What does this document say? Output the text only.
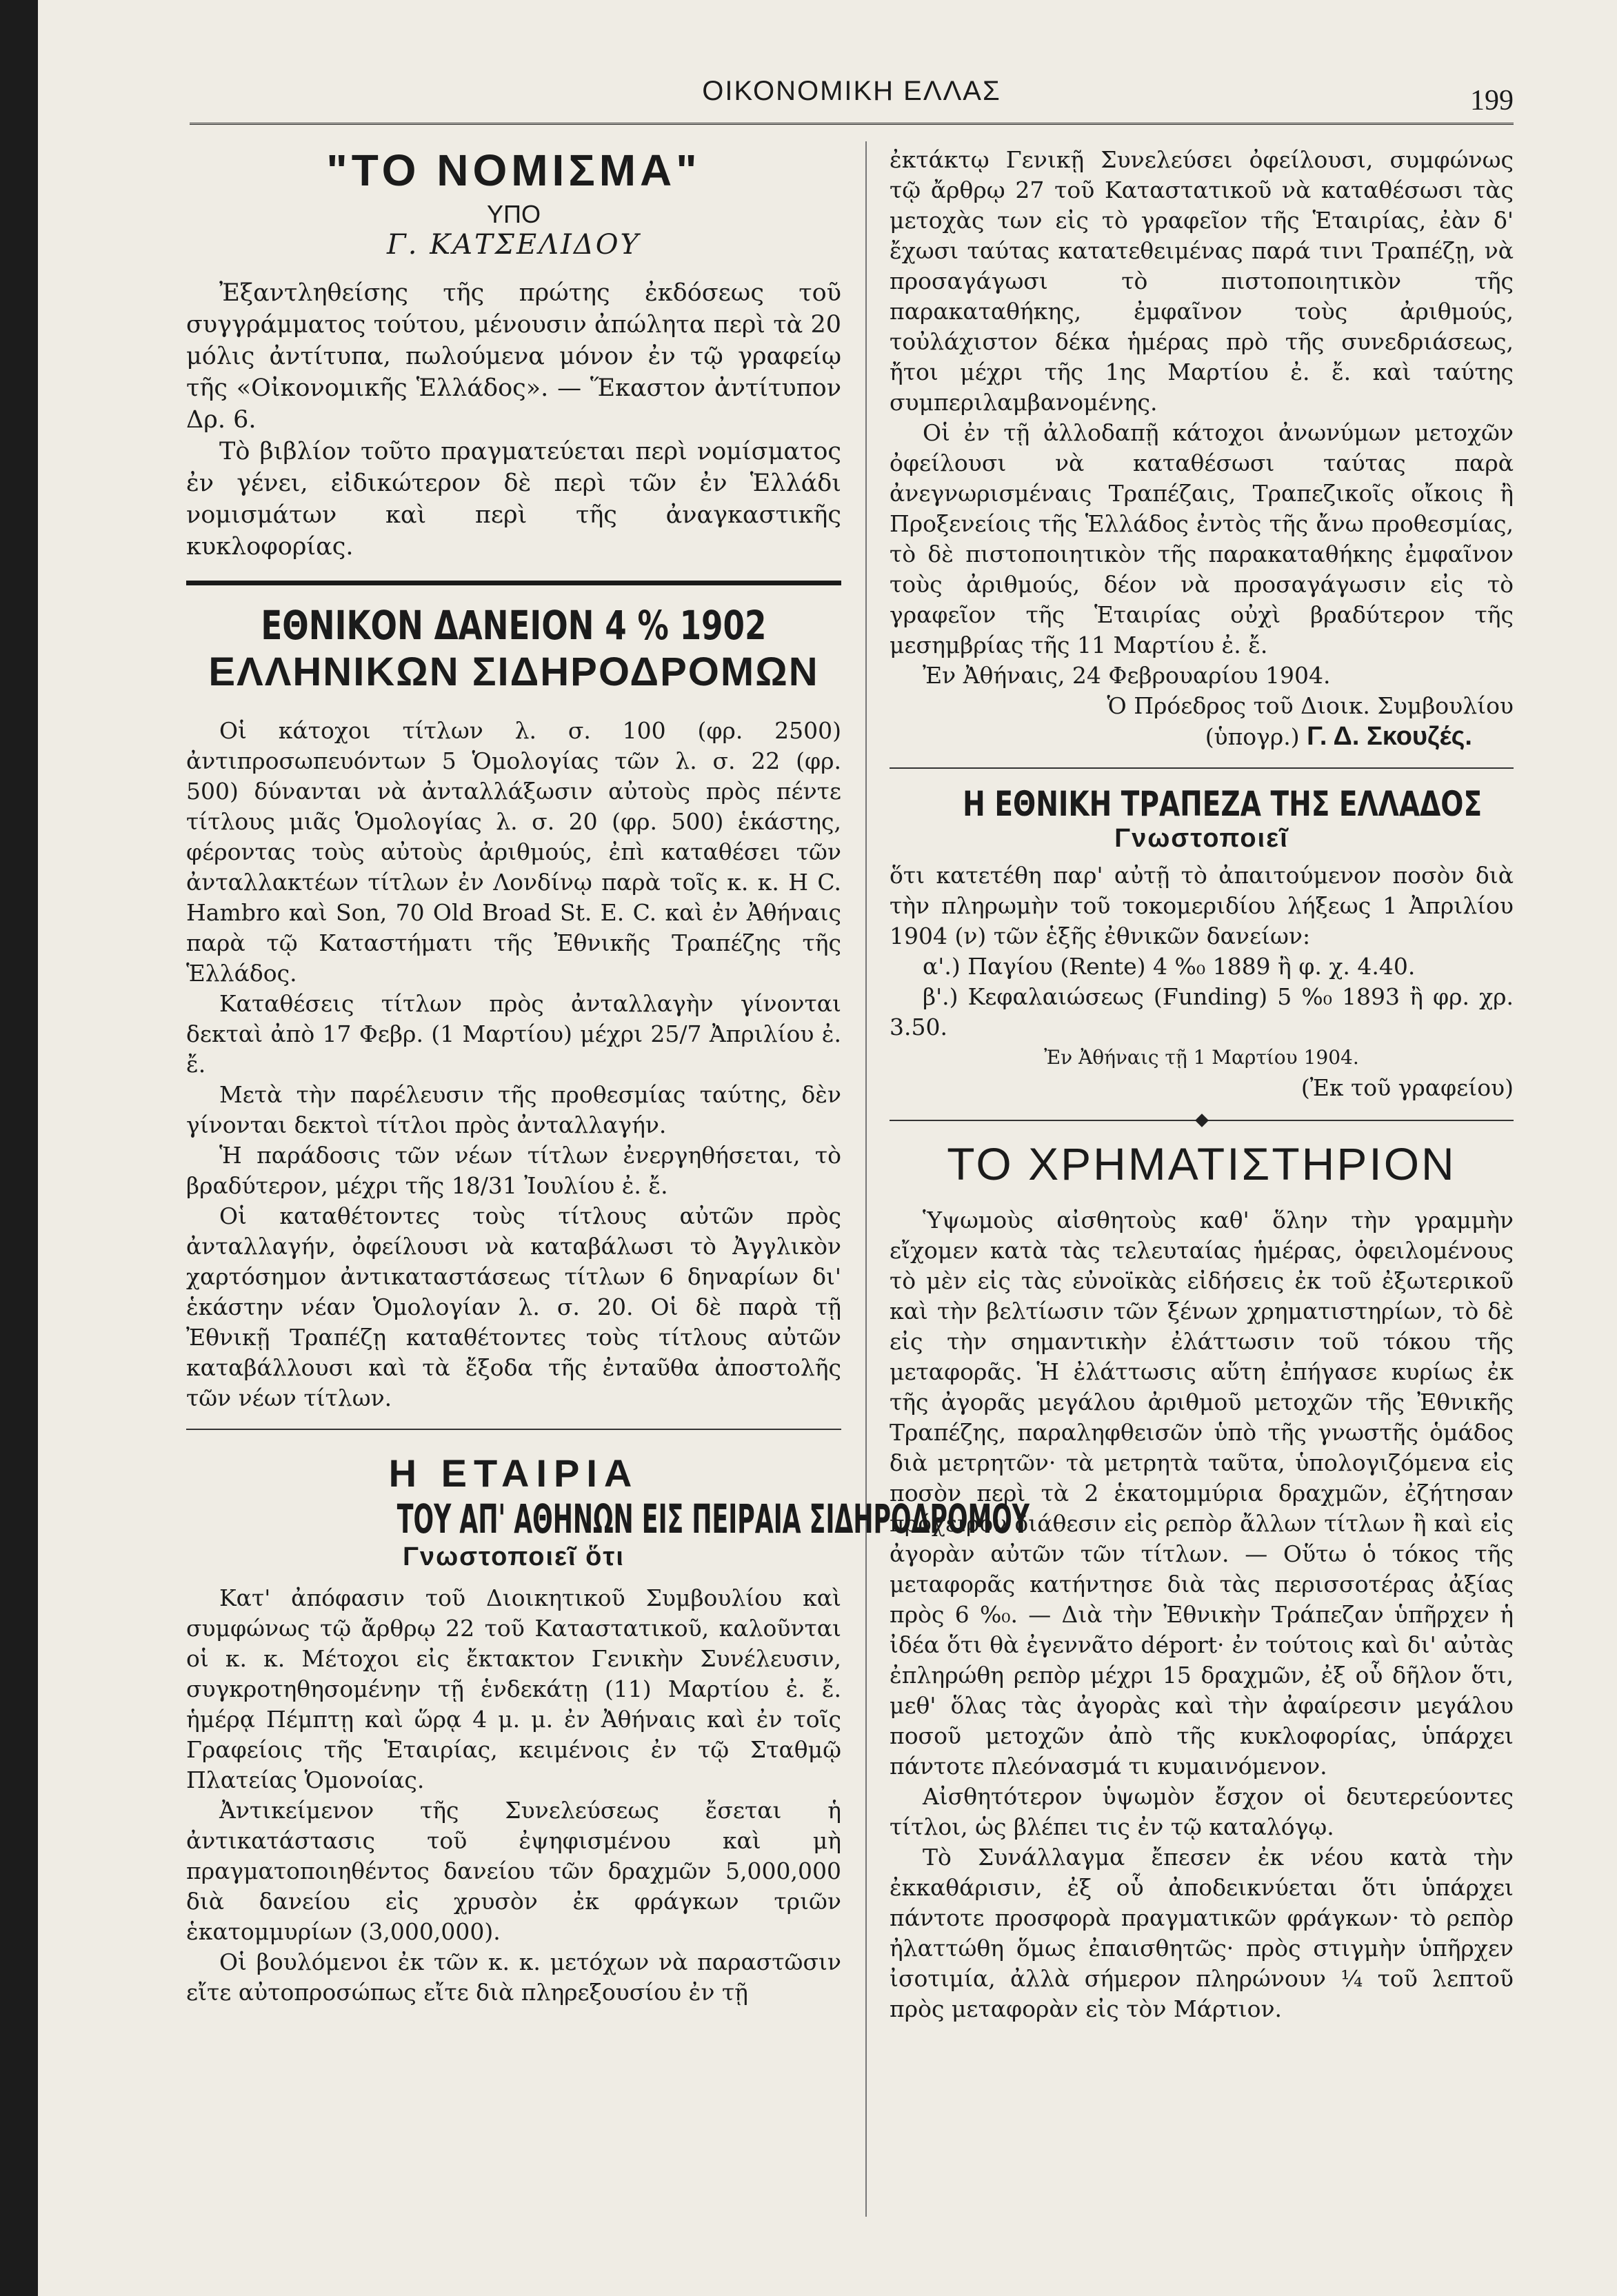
ΟΙΚΟΝΟΜΙΚΗ ΕΛΛΑΣ	199
"ΤΟ ΝΟΜΙΣΜΑ"
ΥΠΟ
Γ. ΚΑΤΣΕΛΙΔΟΥ

Ἐξαντληθείσης τῆς πρώτης ἐκδόσεως τοῦ συγγράμματος τούτου, μένουσιν ἀπώλητα περὶ τὰ 20 μόλις ἀντίτυπα, πωλούμενα μόνον ἐν τῷ γραφείῳ τῆς «Οἰκονομικῆς Ἑλλάδος». — Ἕκαστον ἀντίτυπον Δρ. 6.

Τὸ βιβλίον τοῦτο πραγματεύεται περὶ νομίσματος ἐν γένει, εἰδικώτερον δὲ περὶ τῶν ἐν Ἑλλάδι νομισμάτων καὶ περὶ τῆς ἀναγκαστικῆς κυκλοφορίας.

ΕΘΝΙΚΟΝ ΔΑΝΕΙΟΝ 4 % 1902
ΕΛΛΗΝΙΚΩΝ ΣΙΔΗΡΟΔΡΟΜΩΝ

Οἱ κάτοχοι τίτλων λ. σ. 100 (φρ. 2500) ἀντιπροσωπευόντων 5 Ὁμολογίας τῶν λ. σ. 22 (φρ. 500) δύνανται νὰ ἀνταλλάξωσιν αὐτοὺς πρὸς πέντε τίτλους μιᾶς Ὁμολογίας λ. σ. 20 (φρ. 500) ἑκάστης, φέροντας τοὺς αὐτοὺς ἀριθμούς, ἐπὶ καταθέσει τῶν ἀνταλλακτέων τίτλων ἐν Λονδίνῳ παρὰ τοῖς κ. κ. H C. Hambro καὶ Son, 70 Old Broad St. E. C. καὶ ἐν Ἀθήναις παρὰ τῷ Καταστήματι τῆς Ἐθνικῆς Τραπέζης τῆς Ἑλλάδος.

Καταθέσεις τίτλων πρὸς ἀνταλλαγὴν γίνονται δεκταὶ ἀπὸ 17 Φεβρ. (1 Μαρτίου) μέχρι 25/7 Ἀπριλίου ἐ. ἔ.

Μετὰ τὴν παρέλευσιν τῆς προθεσμίας ταύτης, δὲν γίνονται δεκτοὶ τίτλοι πρὸς ἀνταλλαγήν.

Ἡ παράδοσις τῶν νέων τίτλων ἐνεργηθήσεται, τὸ βραδύτερον, μέχρι τῆς 18/31 Ἰουλίου ἐ. ἔ.

Οἱ καταθέτοντες τοὺς τίτλους αὐτῶν πρὸς ἀνταλλαγήν, ὀφείλουσι νὰ καταβάλωσι τὸ Ἀγγλικὸν χαρτόσημον ἀντικαταστάσεως τίτλων 6 δηναρίων δι' ἑκάστην νέαν Ὁμολογίαν λ. σ. 20. Οἱ δὲ παρὰ τῇ Ἐθνικῇ Τραπέζῃ καταθέτοντες τοὺς τίτλους αὐτῶν καταβάλλουσι καὶ τὰ ἔξοδα τῆς ἐνταῦθα ἀποστολῆς τῶν νέων τίτλων.

Η ΕΤΑΙΡΙΑ
ΤΟΥ ΑΠ' ΑΘΗΝΩΝ ΕΙΣ ΠΕΙΡΑΙΑ ΣΙΔΗΡΟΔΡΟΜΟΥ
Γνωστοποιεῖ ὅτι

Κατ' ἀπόφασιν τοῦ Διοικητικοῦ Συμβουλίου καὶ συμφώνως τῷ ἄρθρῳ 22 τοῦ Καταστατικοῦ, καλοῦνται οἱ κ. κ. Μέτοχοι εἰς ἔκτακτον Γενικὴν Συνέλευσιν, συγκροτηθησομένην τῇ ἑνδεκάτῃ (11) Μαρτίου ἐ. ἔ. ἡμέρᾳ Πέμπτῃ καὶ ὥρᾳ 4 μ. μ. ἐν Ἀθήναις καὶ ἐν τοῖς Γραφείοις τῆς Ἑταιρίας, κειμένοις ἐν τῷ Σταθμῷ Πλατείας Ὁμονοίας.

Ἀντικείμενον τῆς Συνελεύσεως ἔσεται ἡ ἀντικατάστασις τοῦ ἐψηφισμένου καὶ μὴ πραγματοποιηθέντος δανείου τῶν δραχμῶν 5,000,000 διὰ δανείου εἰς χρυσὸν ἐκ φράγκων τριῶν ἑκατομμυρίων (3,000,000).

Οἱ βουλόμενοι ἐκ τῶν κ. κ. μετόχων νὰ παραστῶσιν εἴτε αὐτοπροσώπως εἴτε διὰ πληρεξουσίου ἐν τῇ

ἐκτάκτῳ Γενικῇ Συνελεύσει ὀφείλουσι, συμφώνως τῷ ἄρθρῳ 27 τοῦ Καταστατικοῦ νὰ καταθέσωσι τὰς μετοχὰς των εἰς τὸ γραφεῖον τῆς Ἑταιρίας, ἐὰν δ' ἔχωσι ταύτας κατατεθειμένας παρά τινι Τραπέζῃ, νὰ προσαγάγωσι τὸ πιστοποιητικὸν τῆς παρακαταθήκης, ἐμφαῖνον τοὺς ἀριθμούς, τοὐλάχιστον δέκα ἡμέρας πρὸ τῆς συνεδριάσεως, ἤτοι μέχρι τῆς 1ης Μαρτίου ἐ. ἔ. καὶ ταύτης συμπεριλαμβανομένης.

Οἱ ἐν τῇ ἀλλοδαπῇ κάτοχοι ἀνωνύμων μετοχῶν ὀφείλουσι νὰ καταθέσωσι ταύτας παρὰ ἀνεγνωρισμέναις Τραπέζαις, Τραπεζικοῖς οἴκοις ἢ Προξενείοις τῆς Ἑλλάδος ἐντὸς τῆς ἄνω προθεσμίας, τὸ δὲ πιστοποιητικὸν τῆς παρακαταθήκης ἐμφαῖνον τοὺς ἀριθμούς, δέον νὰ προσαγάγωσιν εἰς τὸ γραφεῖον τῆς Ἑταιρίας οὐχὶ βραδύτερον τῆς μεσημβρίας τῆς 11 Μαρτίου ἐ. ἔ.

Ἐν Ἀθήναις, 24 Φεβρουαρίου 1904.

Ὁ Πρόεδρος τοῦ Διοικ. Συμβουλίου

(ὑπογρ.) Γ. Δ. Σκουζές.

Η ΕΘΝΙΚΗ ΤΡΑΠΕΖΑ ΤΗΣ ΕΛΛΑΔΟΣ
Γνωστοποιεῖ

ὅτι κατετέθη παρ' αὐτῇ τὸ ἀπαιτούμενον ποσὸν διὰ τὴν πληρωμὴν τοῦ τοκομεριδίου λήξεως 1 Ἀπριλίου 1904 (ν) τῶν ἑξῆς ἐθνικῶν δανείων:

α'.) Παγίου (Rente) 4 %₀ 1889 ἢ φ. χ. 4.40.

β'.) Κεφαλαιώσεως (Funding) 5 %₀ 1893 ἢ φρ. χρ. 3.50.

Ἐν Ἀθήναις τῇ 1 Μαρτίου 1904.

(Ἐκ τοῦ γραφείου)

ΤΟ ΧΡΗΜΑΤΙΣΤΗΡΙΟΝ

Ὑψωμοὺς αἰσθητοὺς καθ' ὅλην τὴν γραμμὴν εἴχομεν κατὰ τὰς τελευταίας ἡμέρας, ὀφειλομένους τὸ μὲν εἰς τὰς εὐνοϊκὰς εἰδήσεις ἐκ τοῦ ἐξωτερικοῦ καὶ τὴν βελτίωσιν τῶν ξένων χρηματιστηρίων, τὸ δὲ εἰς τὴν σημαντικὴν ἐλάττωσιν τοῦ τόκου τῆς μεταφορᾶς. Ἡ ἐλάττωσις αὕτη ἐπήγασε κυρίως ἐκ τῆς ἀγορᾶς μεγάλου ἀριθμοῦ μετοχῶν τῆς Ἐθνικῆς Τραπέζης, παραληφθεισῶν ὑπὸ τῆς γνωστῆς ὁμάδος διὰ μετρητῶν· τὰ μετρητὰ ταῦτα, ὑπολογιζόμενα εἰς ποσὸν περὶ τὰ 2 ἑκατομμύρια δραχμῶν, ἐζήτησαν πρόχειρον διάθεσιν εἰς ρεπὸρ ἄλλων τίτλων ἢ καὶ εἰς ἀγορὰν αὐτῶν τῶν τίτλων. — Οὕτω ὁ τόκος τῆς μεταφορᾶς κατήντησε διὰ τὰς περισσοτέρας ἀξίας πρὸς 6 %₀. — Διὰ τὴν Ἐθνικὴν Τράπεζαν ὑπῆρχεν ἡ ἰδέα ὅτι θὰ ἐγεννᾶτο déport· ἐν τούτοις καὶ δι' αὐτὰς ἐπληρώθη ρεπὸρ μέχρι 15 δραχμῶν, ἐξ οὗ δῆλον ὅτι, μεθ' ὅλας τὰς ἀγορὰς καὶ τὴν ἀφαίρεσιν μεγάλου ποσοῦ μετοχῶν ἀπὸ τῆς κυκλοφορίας, ὑπάρχει πάντοτε πλεόνασμά τι κυμαινόμενον.

Αἰσθητότερον ὑψωμὸν ἔσχον οἱ δευτερεύοντες τίτλοι, ὡς βλέπει τις ἐν τῷ καταλόγῳ.

Τὸ Συνάλλαγμα ἔπεσεν ἐκ νέου κατὰ τὴν ἐκκαθάρισιν, ἐξ οὗ ἀποδεικνύεται ὅτι ὑπάρχει πάντοτε προσφορὰ πραγματικῶν φράγκων· τὸ ρεπὸρ ἠλαττώθη ὅμως ἐπαισθητῶς· πρὸς στιγμὴν ὑπῆρχεν ἰσοτιμία, ἀλλὰ σήμερον πληρώνουν ¼ τοῦ λεπτοῦ πρὸς μεταφορὰν εἰς τὸν Μάρτιον.
